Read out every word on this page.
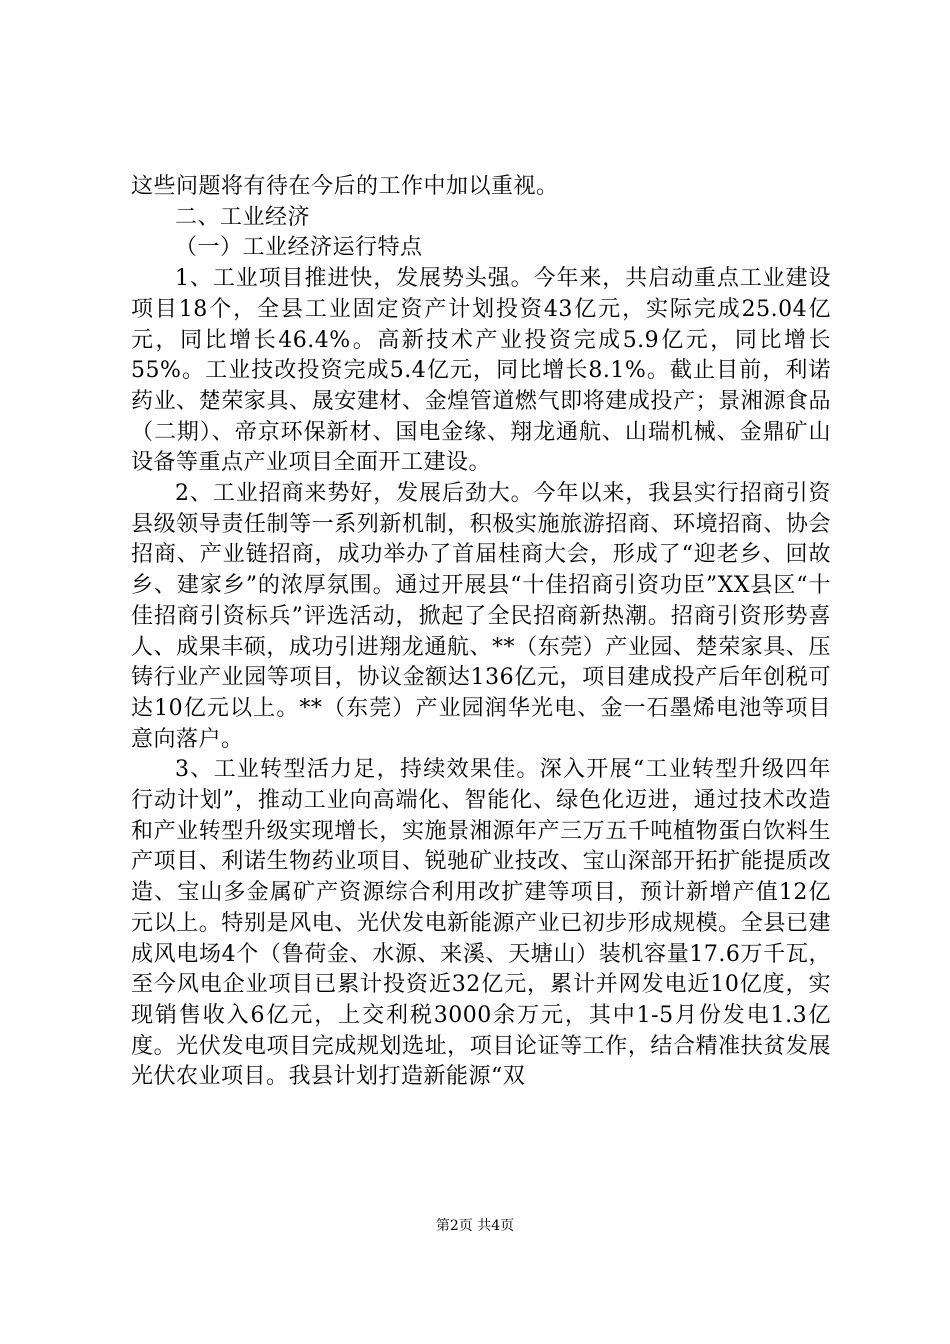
这些问题将有待在今后的工作中加以重视。

二、工业经济

（一）工业经济运行特点

1、工业项目推进快，发展势头强。今年来，共启动重点工业建设项目18个，全县工业固定资产计划投资43亿元，实际完成25.04亿元，同比增长46.4%。高新技术产业投资完成5.9亿元，同比增长55%。工业技改投资完成5.4亿元，同比增长8.1%。截止目前，利诺药业、楚荣家具、晟安建材、金煌管道燃气即将建成投产；景湘源食品（二期）、帝京环保新材、国电金缘、翔龙通航、山瑞机械、金鼎矿山设备等重点产业项目全面开工建设。

2、工业招商来势好，发展后劲大。今年以来，我县实行招商引资县级领导责任制等一系列新机制，积极实施旅游招商、环境招商、协会招商、产业链招商，成功举办了首届桂商大会，形成了“迎老乡、回故乡、建家乡”的浓厚氛围。通过开展县“十佳招商引资功臣”XX县区“十佳招商引资标兵”评选活动，掀起了全民招商新热潮。招商引资形势喜人、成果丰硕，成功引进翔龙通航、**（东莞）产业园、楚荣家具、压铸行业产业园等项目，协议金额达136亿元，项目建成投产后年创税可达10亿元以上。**（东莞）产业园润华光电、金一石墨烯电池等项目意向落户。

3、工业转型活力足，持续效果佳。深入开展“工业转型升级四年行动计划”，推动工业向高端化、智能化、绿色化迈进，通过技术改造和产业转型升级实现增长，实施景湘源年产三万五千吨植物蛋白饮料生产项目、利诺生物药业项目、锐驰矿业技改、宝山深部开拓扩能提质改造、宝山多金属矿产资源综合利用改扩建等项目，预计新增产值12亿元以上。特别是风电、光伏发电新能源产业已初步形成规模。全县已建成风电场4个（鲁荷金、水源、来溪、天塘山）装机容量17.6万千瓦，至今风电企业项目已累计投资近32亿元，累计并网发电近10亿度，实现销售收入6亿元，上交利税3000余万元，其中1-5月份发电1.3亿度。光伏发电项目完成规划选址，项目论证等工作，结合精准扶贫发展光伏农业项目。我县计划打造新能源“双

第2页 共4页
